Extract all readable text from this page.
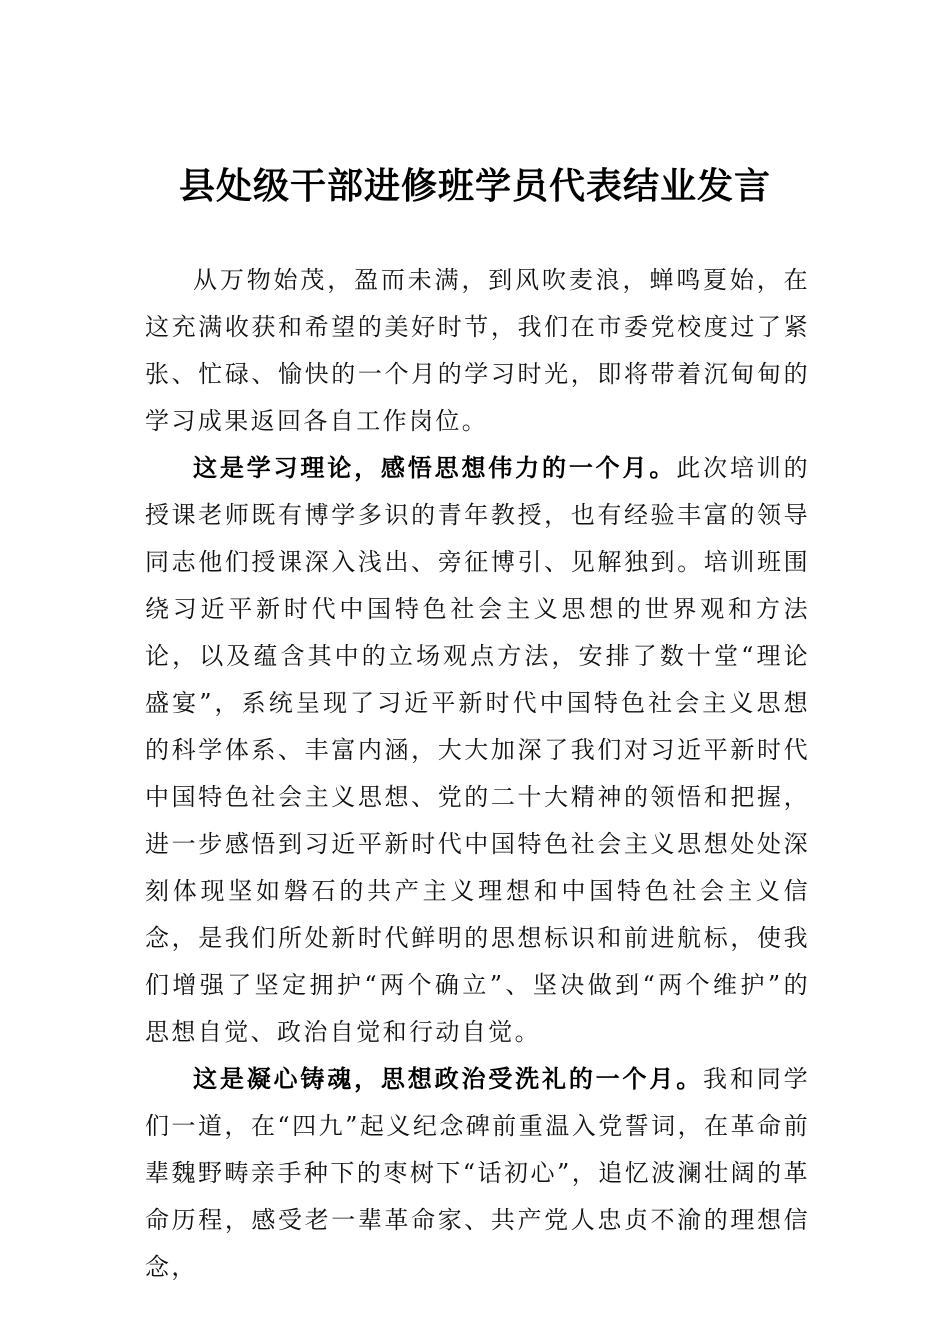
县处级干部进修班学员代表结业发言

从万物始茂，盈而未满，到风吹麦浪，蝉鸣夏始，在这充满收获和希望的美好时节，我们在市委党校度过了紧张、忙碌、愉快的一个月的学习时光，即将带着沉甸甸的学习成果返回各自工作岗位。

这是学习理论，感悟思想伟力的一个月。此次培训的授课老师既有博学多识的青年教授，也有经验丰富的领导同志他们授课深入浅出、旁征博引、见解独到。培训班围绕习近平新时代中国特色社会主义思想的世界观和方法论，以及蕴含其中的立场观点方法，安排了数十堂“理论盛宴”，系统呈现了习近平新时代中国特色社会主义思想的科学体系、丰富内涵，大大加深了我们对习近平新时代中国特色社会主义思想、党的二十大精神的领悟和把握，进一步感悟到习近平新时代中国特色社会主义思想处处深刻体现坚如磐石的共产主义理想和中国特色社会主义信念，是我们所处新时代鲜明的思想标识和前进航标，使我们增强了坚定拥护“两个确立”、坚决做到“两个维护”的思想自觉、政治自觉和行动自觉。

这是凝心铸魂，思想政治受洗礼的一个月。我和同学们一道，在“四九”起义纪念碑前重温入党誓词，在革命前辈魏野畴亲手种下的枣树下“话初心”，追忆波澜壮阔的革命历程，感受老一辈革命家、共产党人忠贞不渝的理想信念，
